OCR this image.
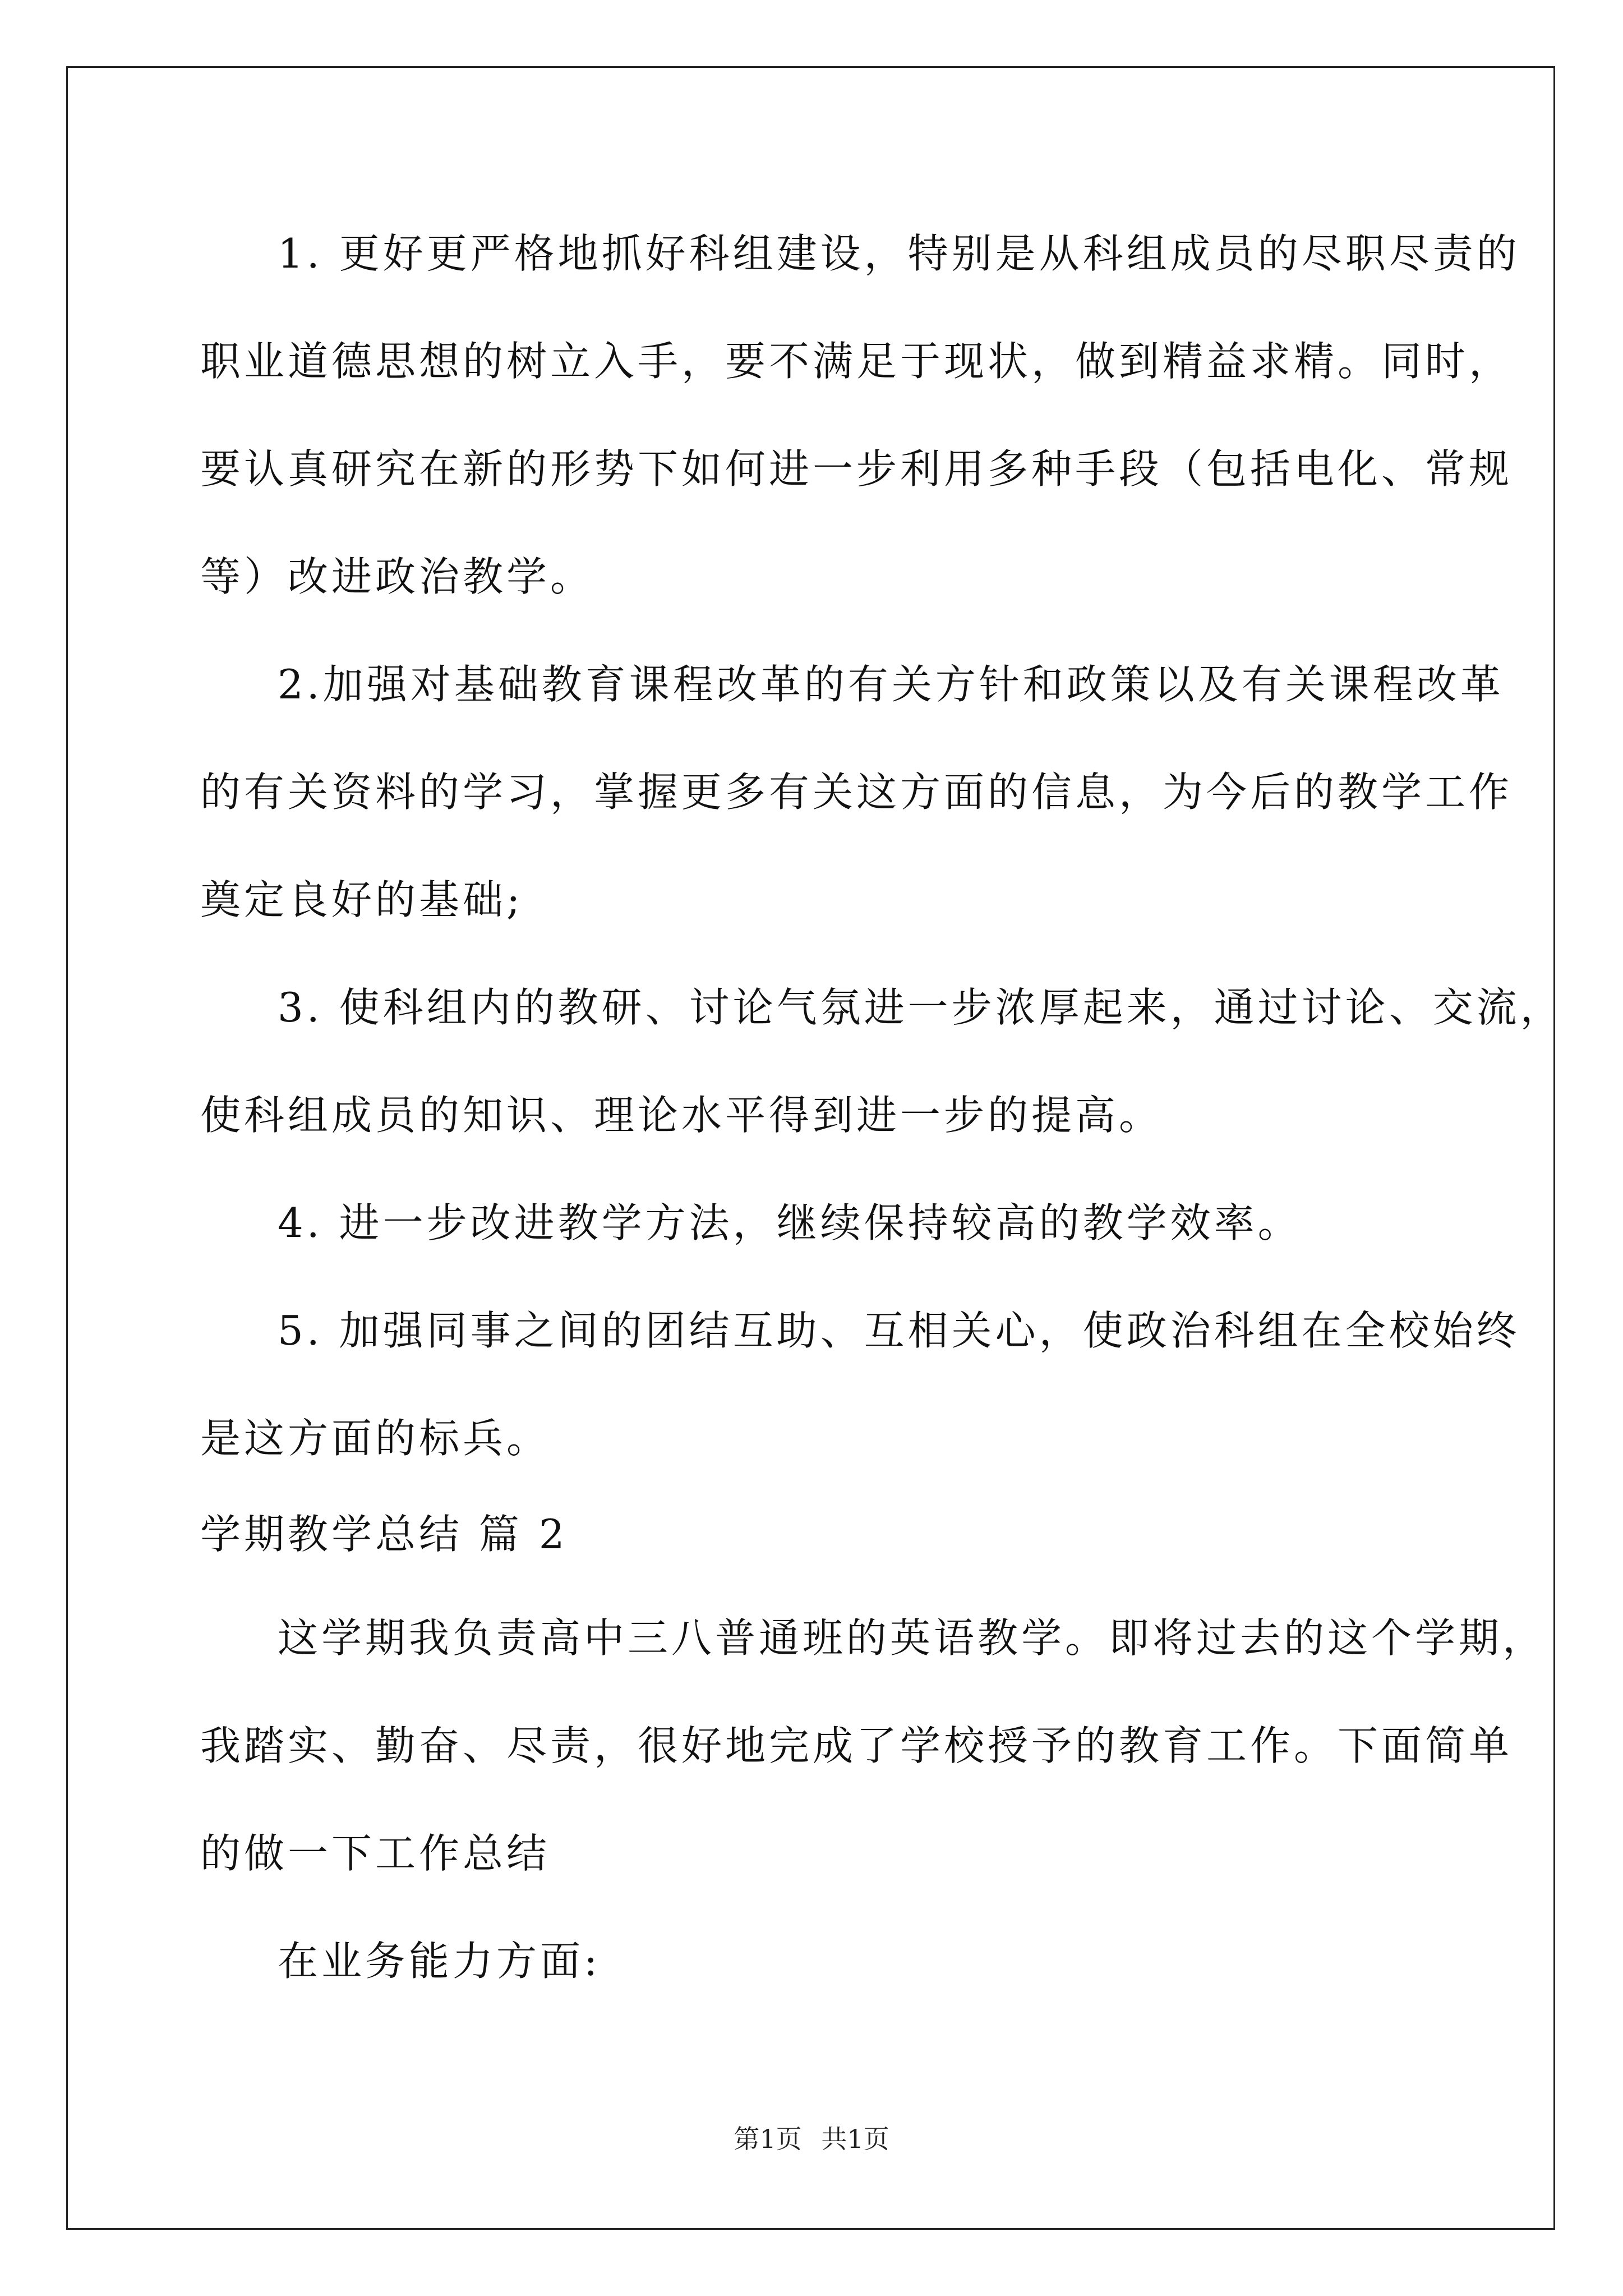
1. 更好更严格地抓好科组建设，特别是从科组成员的尽职尽责的
职业道德思想的树立入手，要不满足于现状，做到精益求精。同时，
要认真研究在新的形势下如何进一步利用多种手段（包括电化、常规
等）改进政治教学。
2.加强对基础教育课程改革的有关方针和政策以及有关课程改革
的有关资料的学习，掌握更多有关这方面的信息，为今后的教学工作
奠定良好的基础;
3. 使科组内的教研、讨论气氛进一步浓厚起来，通过讨论、交流，
使科组成员的知识、理论水平得到进一步的提高。
4. 进一步改进教学方法，继续保持较高的教学效率。
5. 加强同事之间的团结互助、互相关心，使政治科组在全校始终
是这方面的标兵。
学期教学总结 篇 2
这学期我负责高中三八普通班的英语教学。即将过去的这个学期，
我踏实、勤奋、尽责，很好地完成了学校授予的教育工作。下面简单
的做一下工作总结
在业务能力方面:
第1页 共1页
